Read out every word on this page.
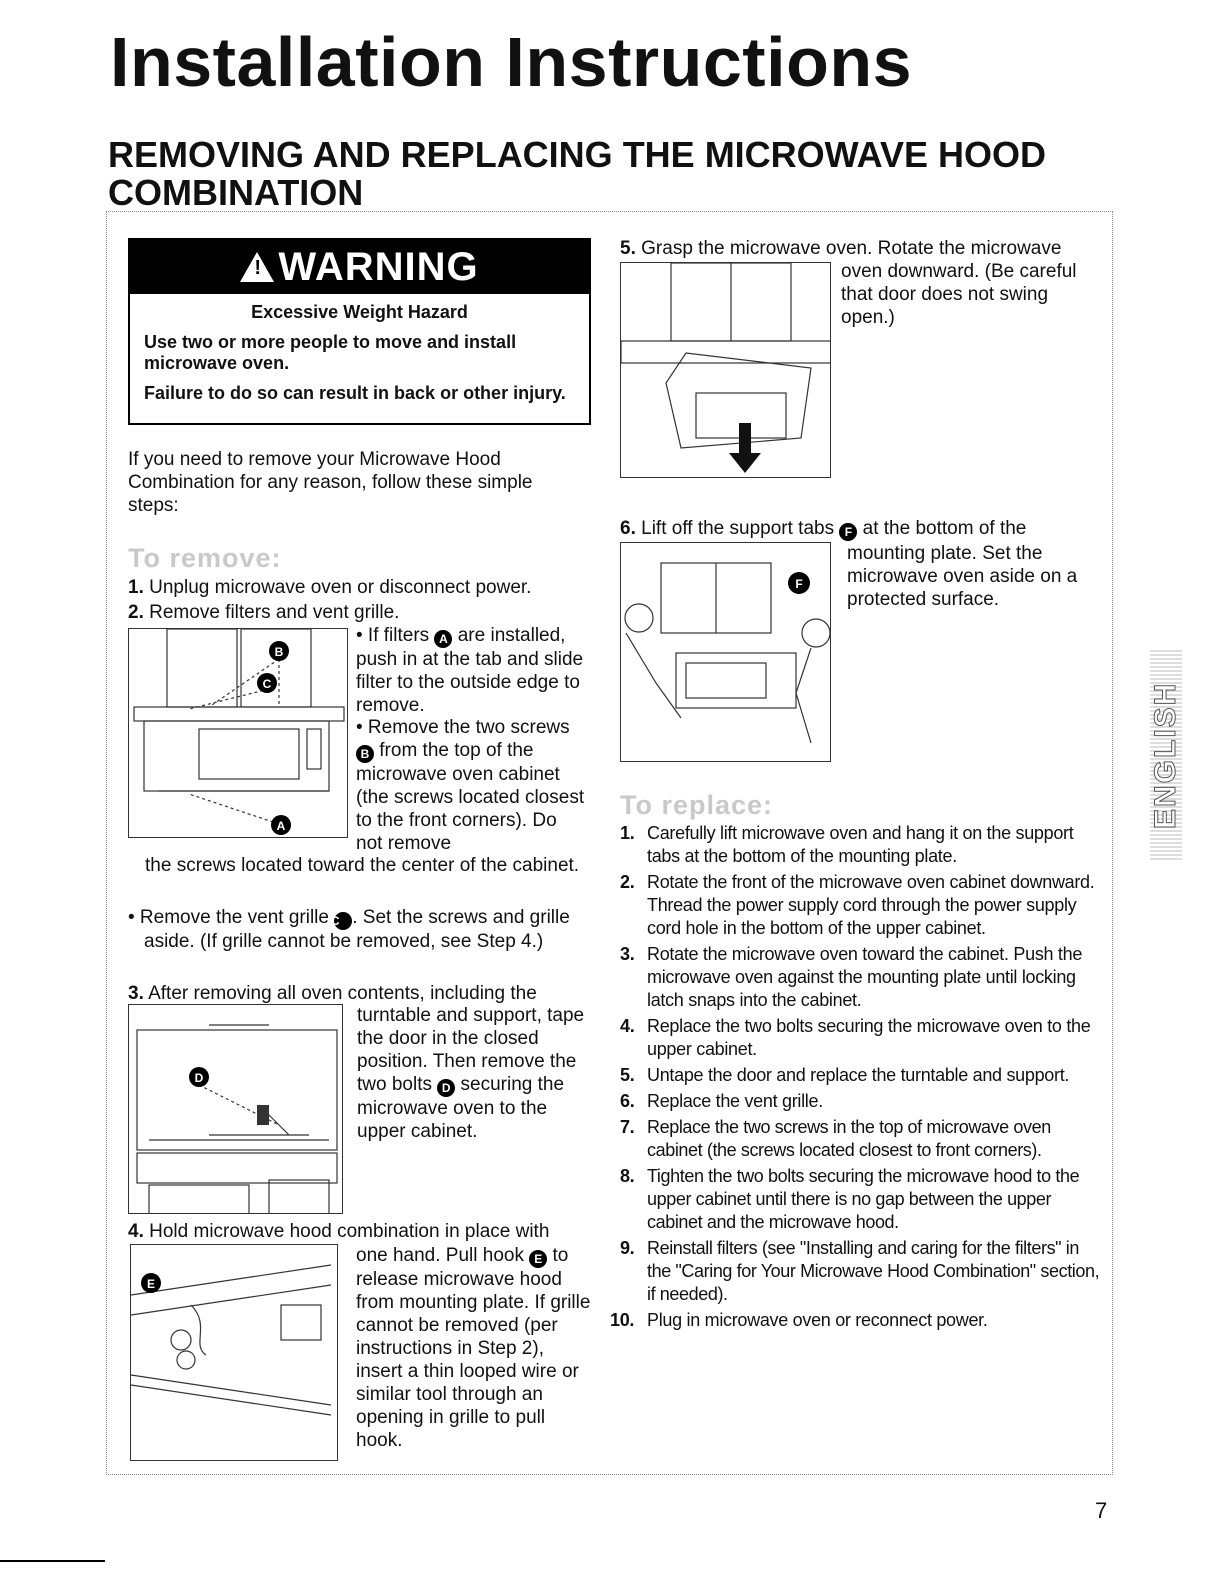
Installation Instructions
REMOVING AND REPLACING THE MICROWAVE HOOD COMBINATION
! WARNING
Excessive Weight Hazard
Use two or more people to move and install microwave oven.
Failure to do so can result in back or other injury.
If you need to remove your Microwave Hood Combination for any reason, follow these simple steps:
To remove:
1. Unplug microwave oven or disconnect power.
2. Remove filters and vent grille.
B
C
A
• If filters A are installed, push in at the tab and slide filter to the outside edge to remove.
• Remove the two screws B from the top of the microwave oven cabinet (the screws located closest to the front corners). Do not remove
the screws located toward the center of the cabinet.
• Remove the vent grille C . Set the screws and grille aside. (If grille cannot be removed, see Step 4.)
3. After removing all oven contents, including the
D
turntable and support, tape the door in the closed position. Then remove the two bolts D securing the microwave oven to the upper cabinet.
4. Hold microwave hood combination in place with
E
one hand. Pull hook E to release microwave hood from mounting plate. If grille cannot be removed (per instructions in Step 2), insert a thin looped wire or similar tool through an opening in grille to pull hook.
5. Grasp the microwave oven. Rotate the microwave
oven downward. (Be careful that door does not swing open.)
6. Lift off the support tabs F at the bottom of the
F
mounting plate. Set the microwave oven aside on a protected surface.
To replace:
1. Carefully lift microwave oven and hang it on the support tabs at the bottom of the mounting plate.
2. Rotate the front of the microwave oven cabinet downward. Thread the power supply cord through the power supply cord hole in the bottom of the upper cabinet.
3. Rotate the microwave oven toward the cabinet. Push the microwave oven against the mounting plate until locking latch snaps into the cabinet.
4. Replace the two bolts securing the microwave oven to the upper cabinet.
5. Untape the door and replace the turntable and support.
6. Replace the vent grille.
7. Replace the two screws in the top of microwave oven cabinet (the screws located closest to front corners).
8. Tighten the two bolts securing the microwave hood to the upper cabinet until there is no gap between the upper cabinet and the microwave hood.
9. Reinstall filters (see "Installing and caring for the filters" in the "Caring for Your Microwave Hood Combination" section, if needed).
10. Plug in microwave oven or reconnect power.
ENGLISH
7
